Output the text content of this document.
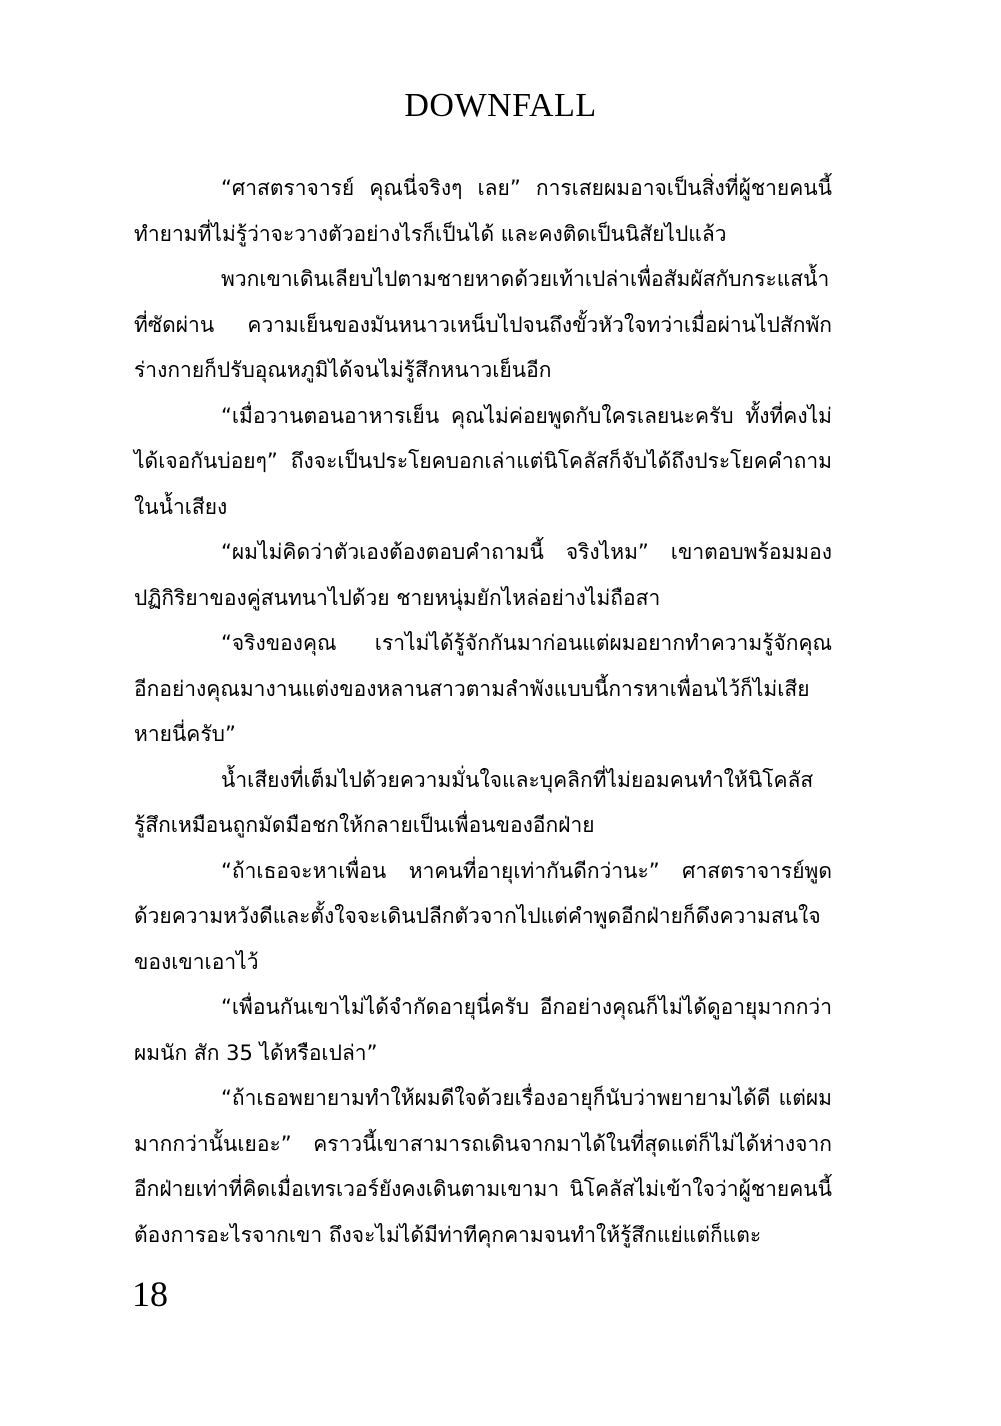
DOWNFALL

“ศาสตราจารย์ คุณนี่จริงๆ เลย” การเสยผมอาจเป็นสิ่งที่ผู้ชายคนนี้ทำยามที่ไม่รู้ว่าจะวางตัวอย่างไรก็เป็นได้ และคงติดเป็นนิสัยไปแล้ว

พวกเขาเดินเลียบไปตามชายหาดด้วยเท้าเปล่าเพื่อสัมผัสกับกระแสน้ำที่ซัดผ่าน ความเย็นของมันหนาวเหน็บไปจนถึงขั้วหัวใจทว่าเมื่อผ่านไปสักพักร่างกายก็ปรับอุณหภูมิได้จนไม่รู้สึกหนาวเย็นอีก

“เมื่อวานตอนอาหารเย็น คุณไม่ค่อยพูดกับใครเลยนะครับ ทั้งที่คงไม่ได้เจอกันบ่อยๆ” ถึงจะเป็นประโยคบอกเล่าแต่นิโคลัสก็จับได้ถึงประโยคคำถามในน้ำเสียง

“ผมไม่คิดว่าตัวเองต้องตอบคำถามนี้ จริงไหม” เขาตอบพร้อมมองปฏิกิริยาของคู่สนทนาไปด้วย ชายหนุ่มยักไหล่อย่างไม่ถือสา

“จริงของคุณ เราไม่ได้รู้จักกันมาก่อนแต่ผมอยากทำความรู้จักคุณ อีกอย่างคุณมางานแต่งของหลานสาวตามลำพังแบบนี้การหาเพื่อนไว้ก็ไม่เสียหายนี่ครับ”

น้ำเสียงที่เต็มไปด้วยความมั่นใจและบุคลิกที่ไม่ยอมคนทำให้นิโคลัสรู้สึกเหมือนถูกมัดมือชกให้กลายเป็นเพื่อนของอีกฝ่าย

“ถ้าเธอจะหาเพื่อน หาคนที่อายุเท่ากันดีกว่านะ” ศาสตราจารย์พูดด้วยความหวังดีและตั้งใจจะเดินปลีกตัวจากไปแต่คำพูดอีกฝ่ายก็ดึงความสนใจของเขาเอาไว้

“เพื่อนกันเขาไม่ได้จำกัดอายุนี่ครับ อีกอย่างคุณก็ไม่ได้ดูอายุมากกว่าผมนัก สัก 35 ได้หรือเปล่า”

“ถ้าเธอพยายามทำให้ผมดีใจด้วยเรื่องอายุก็นับว่าพยายามได้ดี แต่ผมมากกว่านั้นเยอะ” คราวนี้เขาสามารถเดินจากมาได้ในที่สุดแต่ก็ไม่ได้ห่างจากอีกฝ่ายเท่าที่คิดเมื่อเทรเวอร์ยังคงเดินตามเขามา นิโคลัสไม่เข้าใจว่าผู้ชายคนนี้ต้องการอะไรจากเขา ถึงจะไม่ได้มีท่าทีคุกคามจนทำให้รู้สึกแย่แต่ก็แตะ

18
